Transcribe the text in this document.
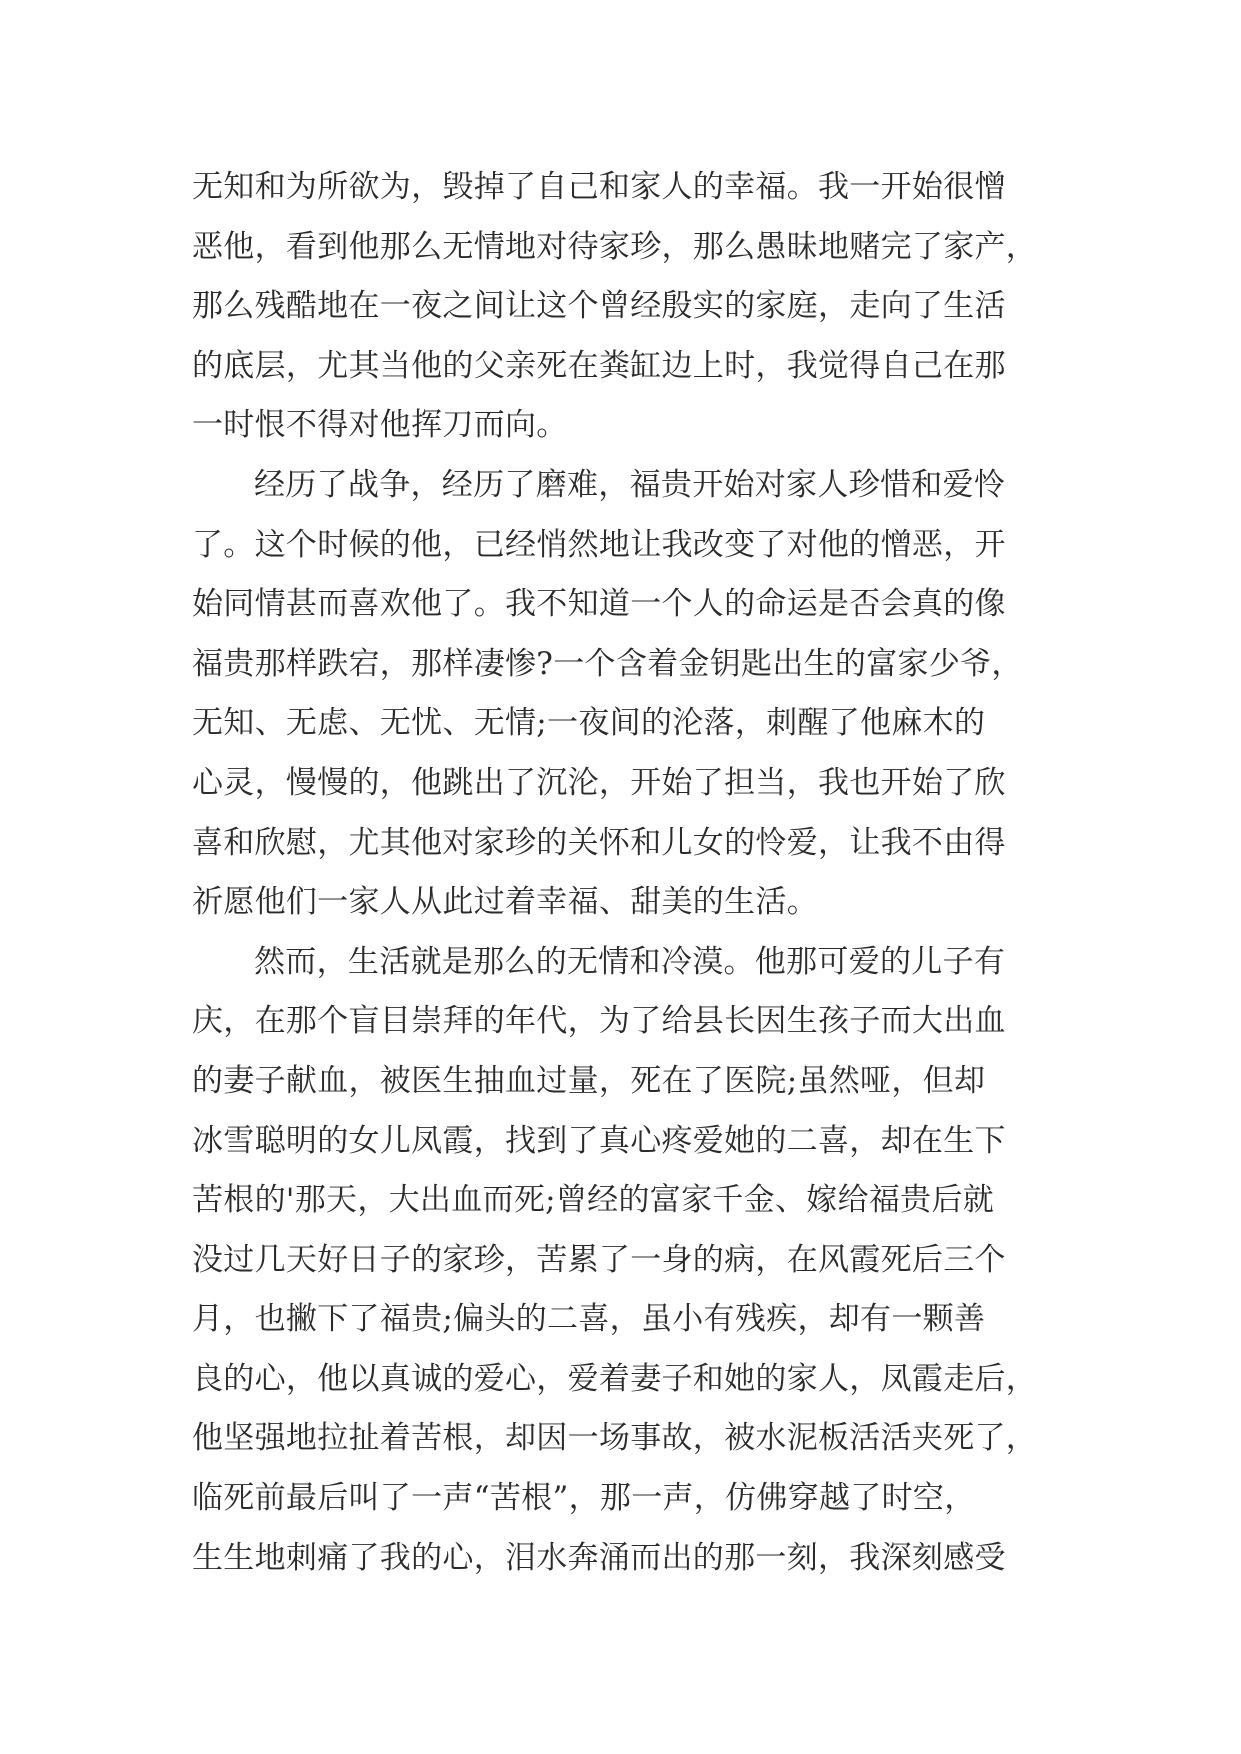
无知和为所欲为，毁掉了自己和家人的幸福。我一开始很憎
恶他，看到他那么无情地对待家珍，那么愚昧地赌完了家产，
那么残酷地在一夜之间让这个曾经殷实的家庭，走向了生活
的底层，尤其当他的父亲死在粪缸边上时，我觉得自己在那
一时恨不得对他挥刀而向。
经历了战争，经历了磨难，福贵开始对家人珍惜和爱怜
了。这个时候的他，已经悄然地让我改变了对他的憎恶，开
始同情甚而喜欢他了。我不知道一个人的命运是否会真的像
福贵那样跌宕，那样凄惨?一个含着金钥匙出生的富家少爷，
无知、无虑、无忧、无情;一夜间的沦落，刺醒了他麻木的
心灵，慢慢的，他跳出了沉沦，开始了担当，我也开始了欣
喜和欣慰，尤其他对家珍的关怀和儿女的怜爱，让我不由得
祈愿他们一家人从此过着幸福、甜美的生活。
然而，生活就是那么的无情和冷漠。他那可爱的儿子有
庆，在那个盲目崇拜的年代，为了给县长因生孩子而大出血
的妻子献血，被医生抽血过量，死在了医院;虽然哑，但却
冰雪聪明的女儿凤霞，找到了真心疼爱她的二喜，却在生下
苦根的'那天，大出血而死;曾经的富家千金、嫁给福贵后就
没过几天好日子的家珍，苦累了一身的病，在风霞死后三个
月，也撇下了福贵;偏头的二喜，虽小有残疾，却有一颗善
良的心，他以真诚的爱心，爱着妻子和她的家人，凤霞走后，
他坚强地拉扯着苦根，却因一场事故，被水泥板活活夹死了，
临死前最后叫了一声“苦根”，那一声，仿佛穿越了时空，
生生地刺痛了我的心，泪水奔涌而出的那一刻，我深刻感受
